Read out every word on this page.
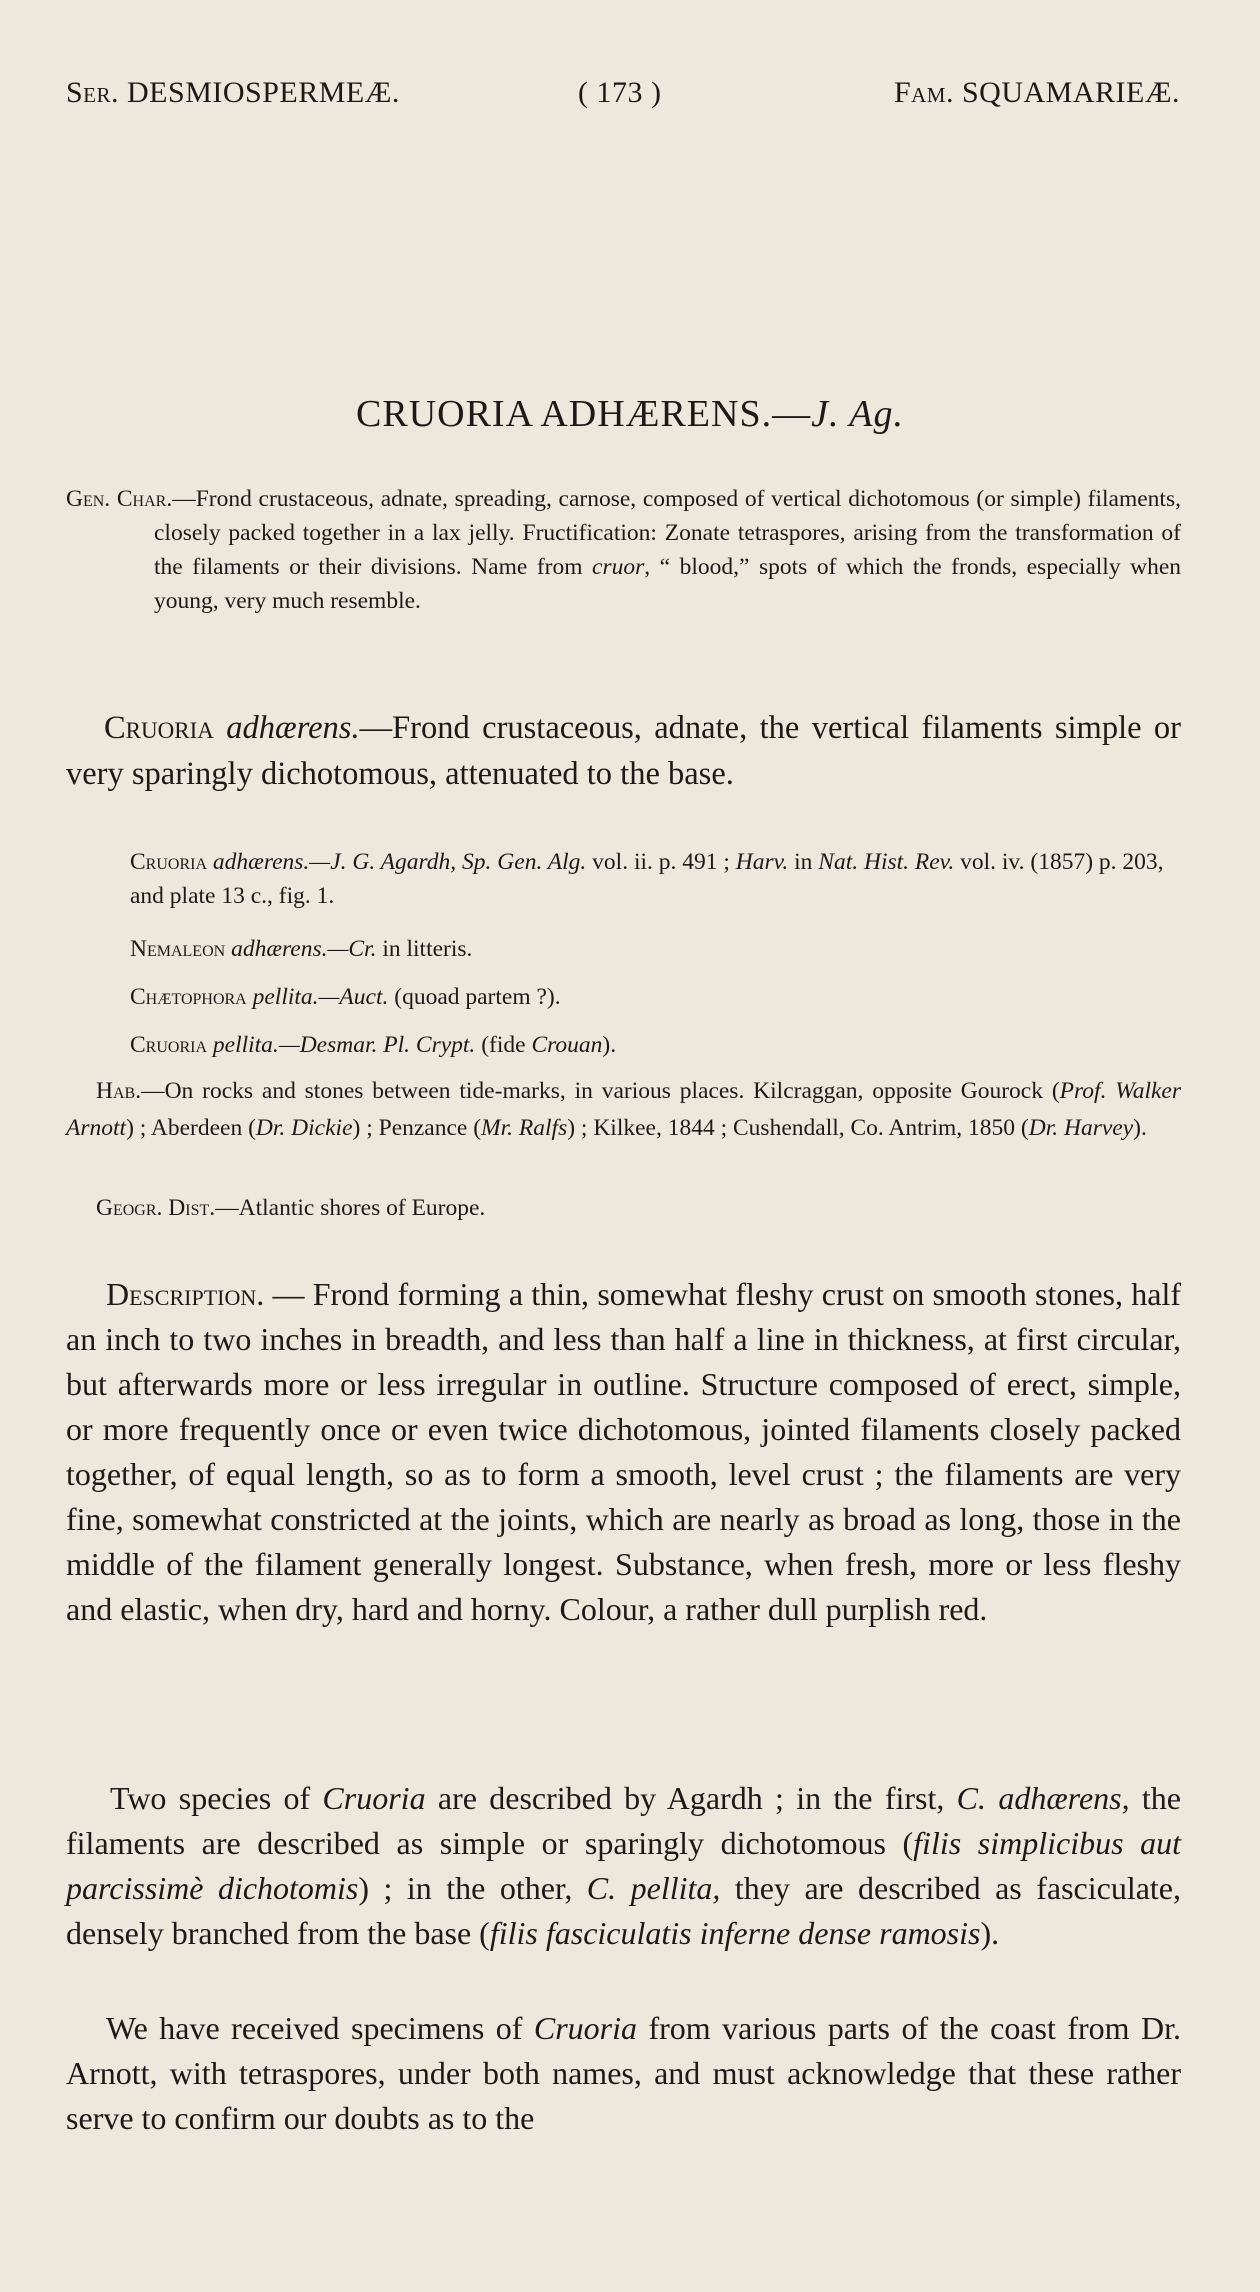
Ser. DESMIOSPERMEÆ.	( 173 )	Fam. SQUAMARIEÆ.
CRUORIA ADHÆRENS.—J. Ag.
Gen. Char.—Frond crustaceous, adnate, spreading, carnose, composed of vertical dichotomous (or simple) filaments, closely packed together in a lax jelly. Fructification: Zonate tetraspores, arising from the transformation of the filaments or their divisions. Name from cruor, “ blood,” spots of which the fronds, especially when young, very much resemble.
Cruoria adhærens.—Frond crustaceous, adnate, the vertical filaments simple or very sparingly dichotomous, attenuated to the base.
Cruoria adhærens.—J. G. Agardh, Sp. Gen. Alg. vol. ii. p. 491 ; Harv. in Nat. Hist. Rev. vol. iv. (1857) p. 203, and plate 13 c., fig. 1.
Nemaleon adhærens.—Cr. in litteris.
Chætophora pellita.—Auct. (quoad partem ?).
Cruoria pellita.—Desmar. Pl. Crypt. (fide Crouan).
Hab.—On rocks and stones between tide-marks, in various places. Kilcraggan, opposite Gourock (Prof. Walker Arnott) ; Aberdeen (Dr. Dickie) ; Penzance (Mr. Ralfs) ; Kilkee, 1844 ; Cushendall, Co. Antrim, 1850 (Dr. Harvey).
Geogr. Dist.—Atlantic shores of Europe.
Description. — Frond forming a thin, somewhat fleshy crust on smooth stones, half an inch to two inches in breadth, and less than half a line in thickness, at first circular, but afterwards more or less irregular in outline. Structure composed of erect, simple, or more frequently once or even twice dichotomous, jointed filaments closely packed together, of equal length, so as to form a smooth, level crust ; the filaments are very fine, somewhat constricted at the joints, which are nearly as broad as long, those in the middle of the filament generally longest. Substance, when fresh, more or less fleshy and elastic, when dry, hard and horny. Colour, a rather dull purplish red.
Two species of Cruoria are described by Agardh ; in the first, C. adhærens, the filaments are described as simple or sparingly dichotomous (filis simplicibus aut parcissimè dichotomis) ; in the other, C. pellita, they are described as fasciculate, densely branched from the base (filis fasciculatis inferne dense ramosis).
We have received specimens of Cruoria from various parts of the coast from Dr. Arnott, with tetraspores, under both names, and must acknowledge that these rather serve to confirm our doubts as to the
